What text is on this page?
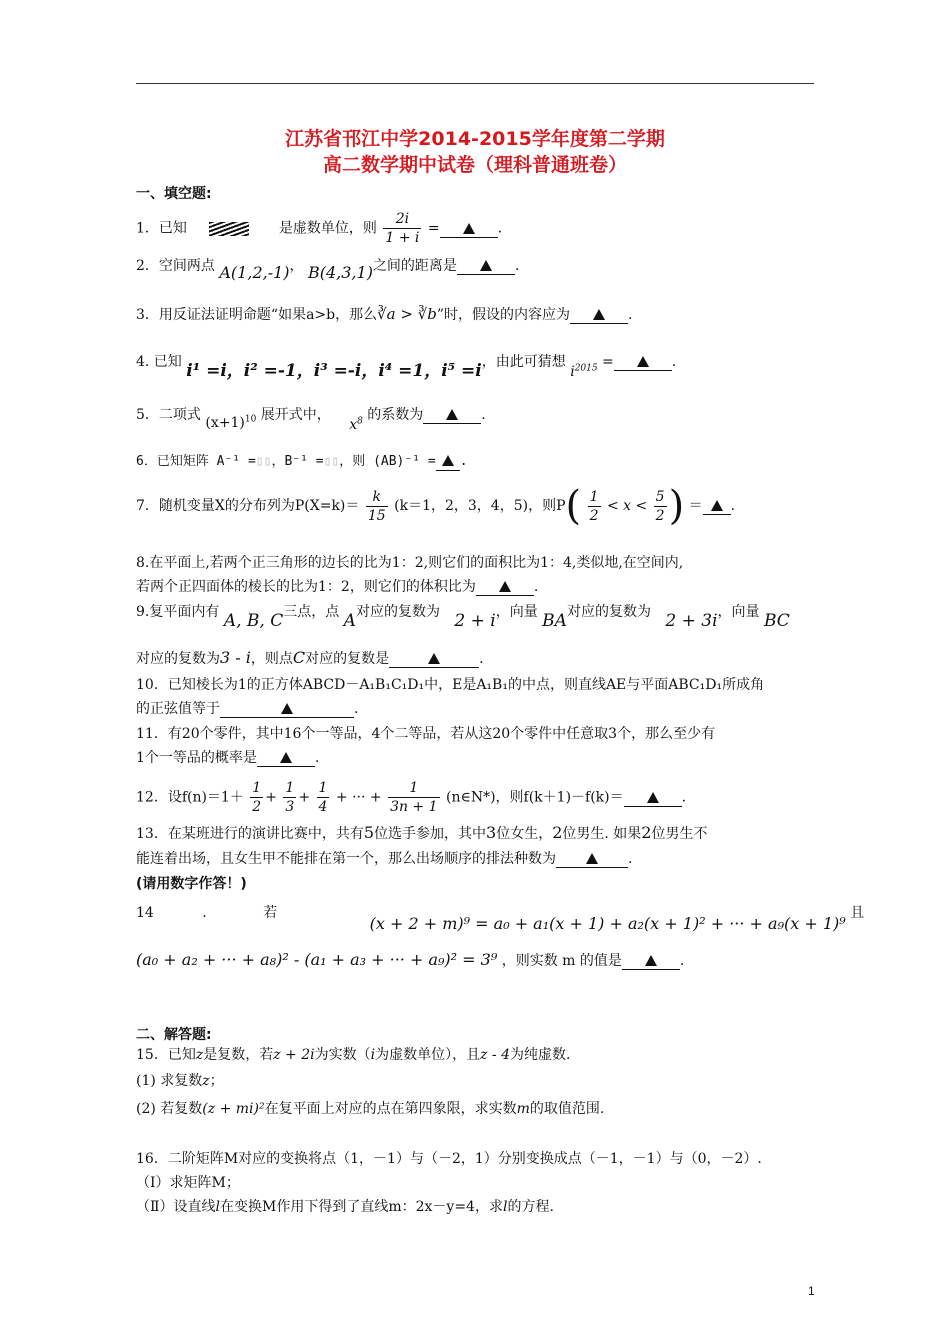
江苏省邗江中学2014-2015学年度第二学期
高二数学期中试卷（理科普通班卷）
一、填空题:
1．已知	是虚数单位，则 $\frac{2i}{1 + i}$ =	.
2．空间两点 A(1,2,-1)， B(4,3,1)之间的距离是	.
3．用反证法证明命题“如果a>b，那么∛a > ∛b”时，假设的内容应为	.
4. 已知 i¹ =i，i² =-1，i³ =-i，i⁴ =1，i⁵ =i，由此可猜想 $i^{2015}$ =	.
5．二项式 $(x+1)^{10}$ 展开式中， $x^8$ 的系数为	.
6．已知矩阵 A⁻¹ =▯▯，B⁻¹ =▯▯，则 (AB)⁻¹ = .
7．随机变量X的分布列为$P(X=k)= \frac{k}{15} (k=1$，2，3，4，5)，则$P( \frac{1}{2} < x < \frac{5}{2}$ ) ＝ .
8.在平面上,若两个正三角形的边长的比为1：2,则它们的面积比为1：4,类似地,在空间内,
若两个正四面体的棱长的比为1：2，则它们的体积比为	.
9.复平面内有 A, B, C三点，点 A对应的复数为 2 + i，向量 BA对应的复数为 2 + 3i，向量 BC
对应的复数为3 - i，则点C对应的复数是	.
10．已知棱长为1的正方体ABCD－A₁B₁C₁D₁中，E是A₁B₁的中点，则直线AE与平面ABC₁D₁所成角
的正弦值等于	.
11．有20个零件，其中16个一等品，4个二等品，若从这20个零件中任意取3个，那么至少有
1个一等品的概率是	.
12．设$f(n)=1+ \frac{1}{2} + \frac{1}{3} + \frac{1}{4}$ + ··· + $\frac{1}{3n + 1}$ (n∈N*)，则f(k＋1)－f(k)＝	.
13．在某班进行的演讲比赛中，共有5位选手参加，其中3位女生，2位男生. 如果2位男生不
能连着出场，且女生甲不能排在第一个，那么出场顺序的排法种数为	.
(请用数字作答！)
14	.	若 (x + 2 + m)⁹ = a₀ + a₁(x + 1) + a₂(x + 1)² + ··· + a₉(x + 1)⁹ 且
(a₀ + a₂ + ··· + a₈)² - (a₁ + a₃ + ··· + a₉)² = 3⁹ ，则实数 m 的值是	.
二、解答题:
15．已知z是复数，若z + 2i为实数（i为虚数单位），且z - 4为纯虚数.
(1) 求复数z；
(2) 若复数(z + mi)²在复平面上对应的点在第四象限，求实数m的取值范围.
16．二阶矩阵M对应的变换将点（1，－1）与（－2，1）分别变换成点（－1，－1）与（0，－2）.
（Ⅰ）求矩阵M；
（Ⅱ）设直线l在变换M作用下得到了直线m：2x－y=4，求l的方程.
1
